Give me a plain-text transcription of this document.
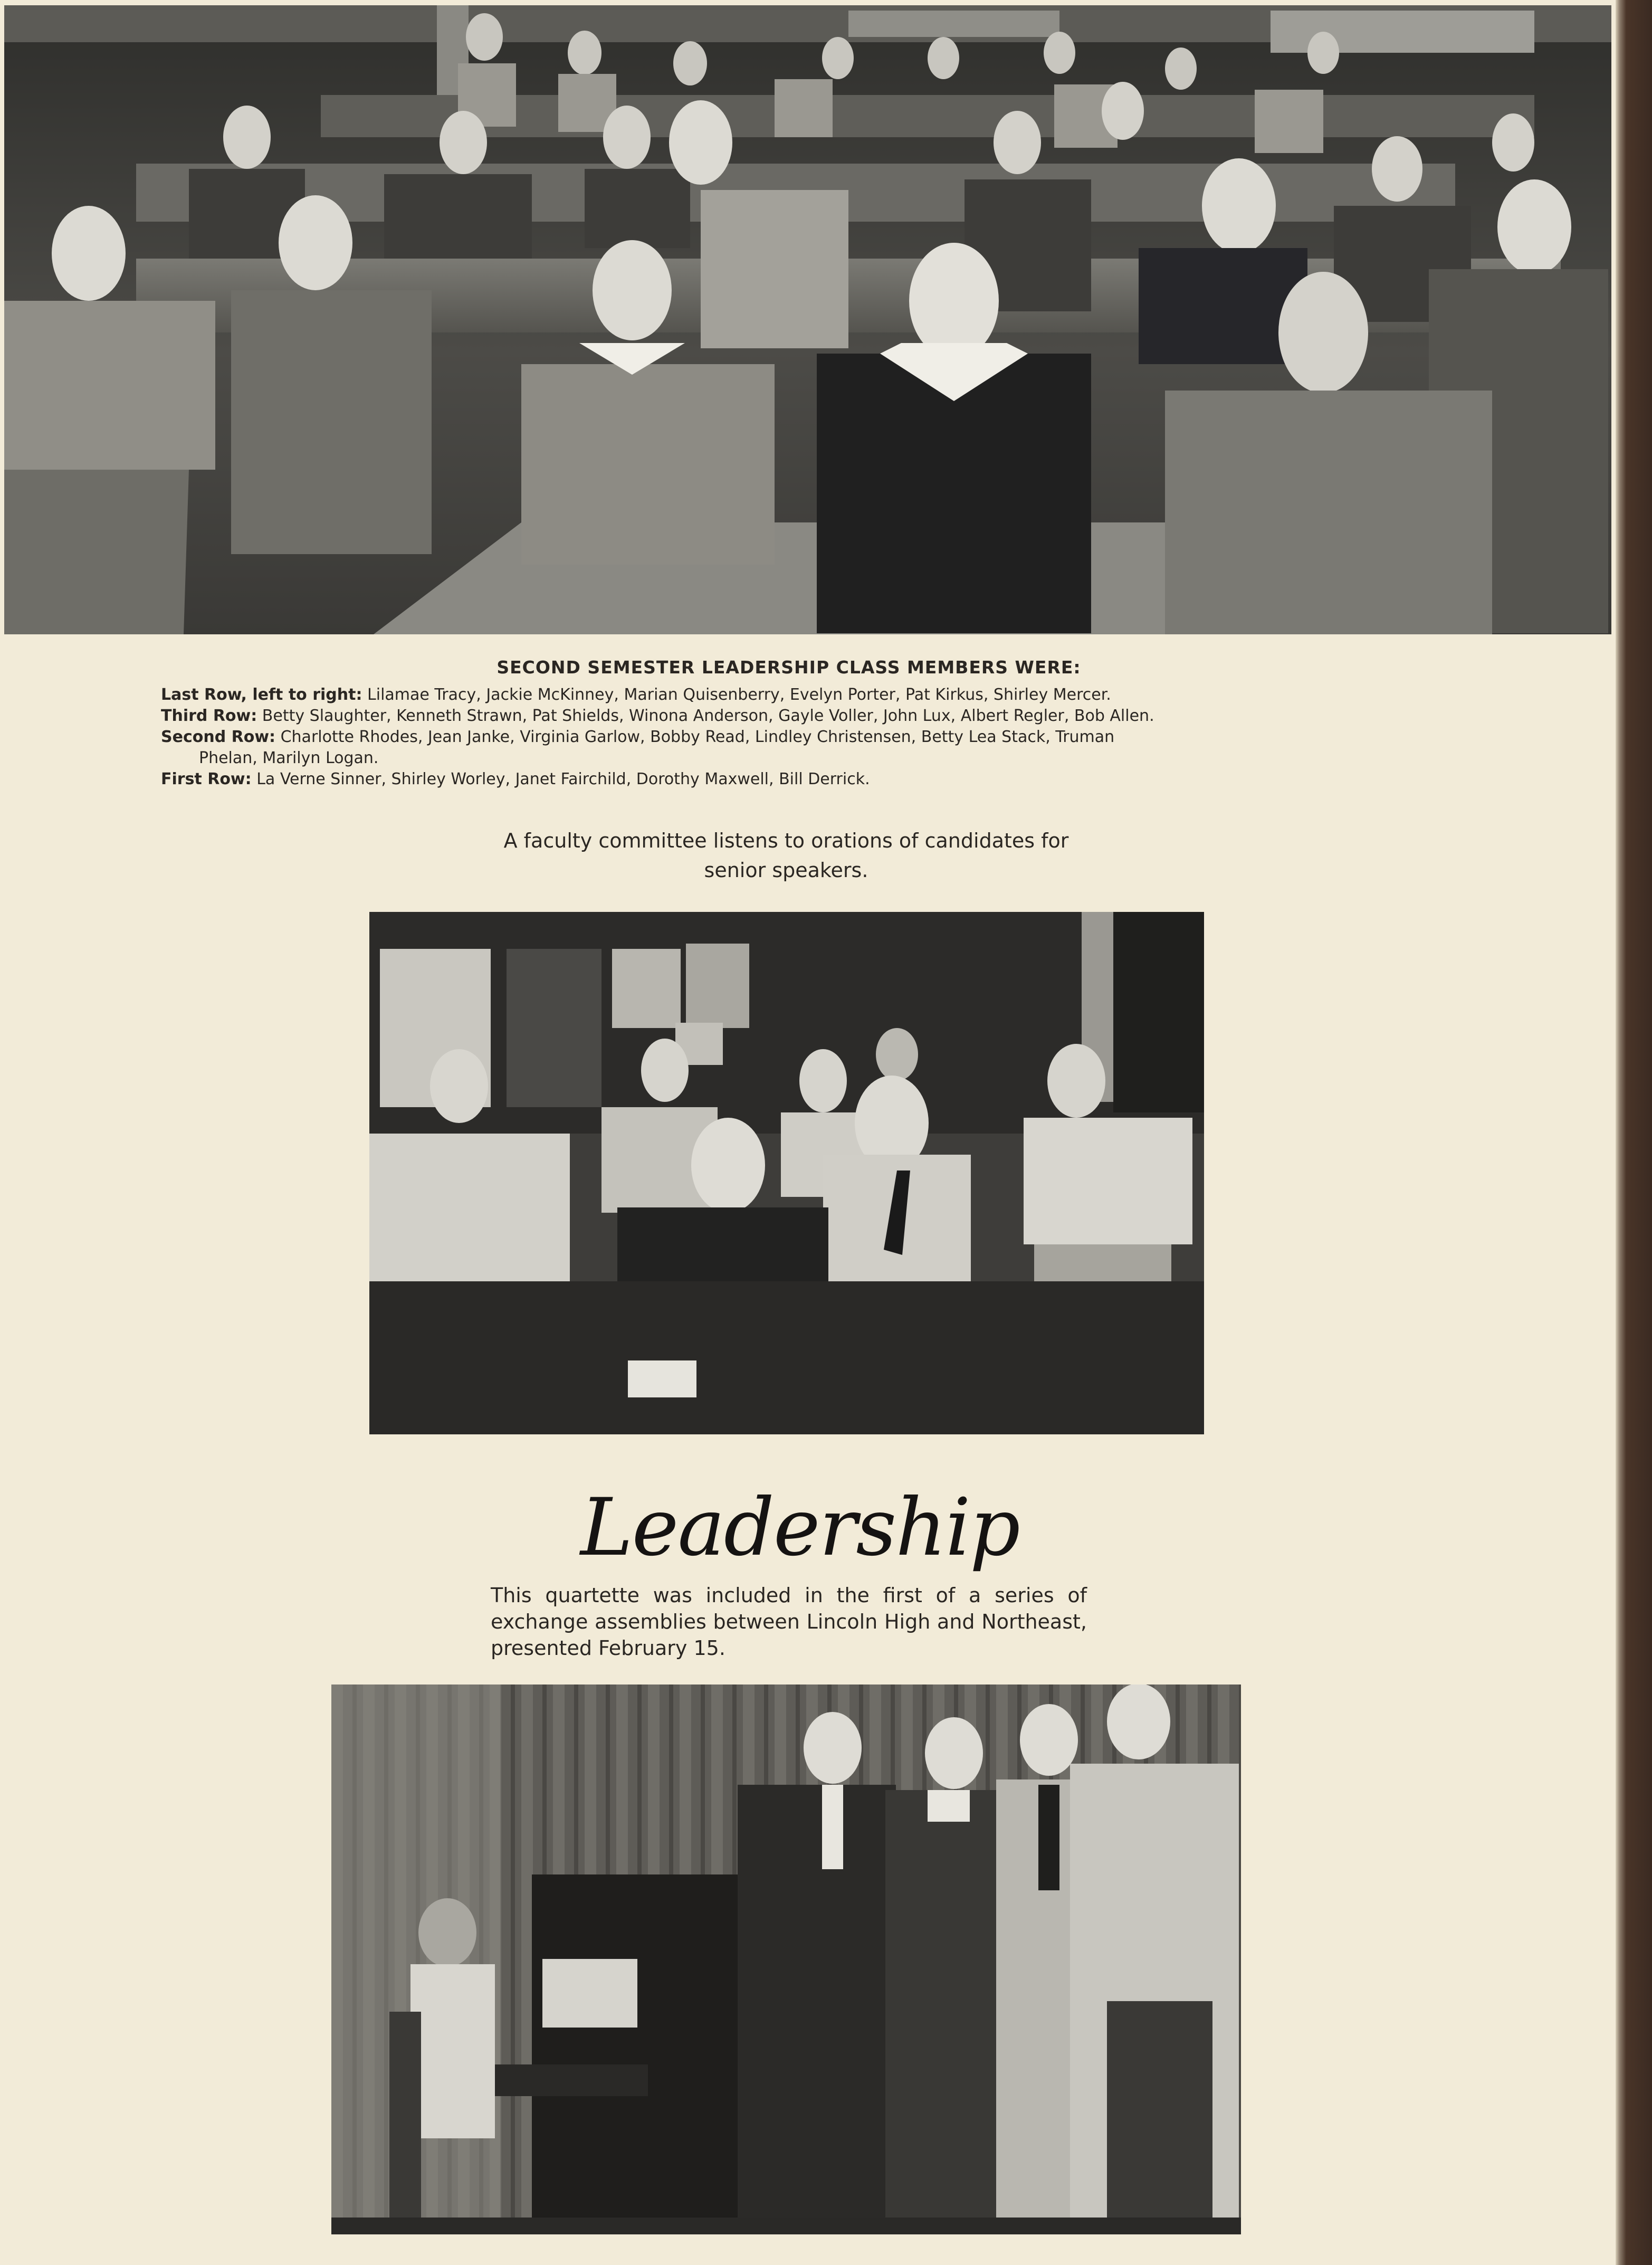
SECOND SEMESTER LEADERSHIP CLASS MEMBERS WERE:
Last Row, left to right: Lilamae Tracy, Jackie McKinney, Marian Quisenberry, Evelyn Porter, Pat Kirkus, Shirley Mercer.
Third Row: Betty Slaughter, Kenneth Strawn, Pat Shields, Winona Anderson, Gayle Voller, John Lux, Albert Regler, Bob Allen.
Second Row: Charlotte Rhodes, Jean Janke, Virginia Garlow, Bobby Read, Lindley Christensen, Betty Lea Stack, Truman
Phelan, Marilyn Logan.
First Row: La Verne Sinner, Shirley Worley, Janet Fairchild, Dorothy Maxwell, Bill Derrick.
A faculty committee listens to orations of candidates for senior speakers.
Leadership
This quartette was included in the first of a series of exchange assemblies between Lincoln High and Northeast, presented February 15.
